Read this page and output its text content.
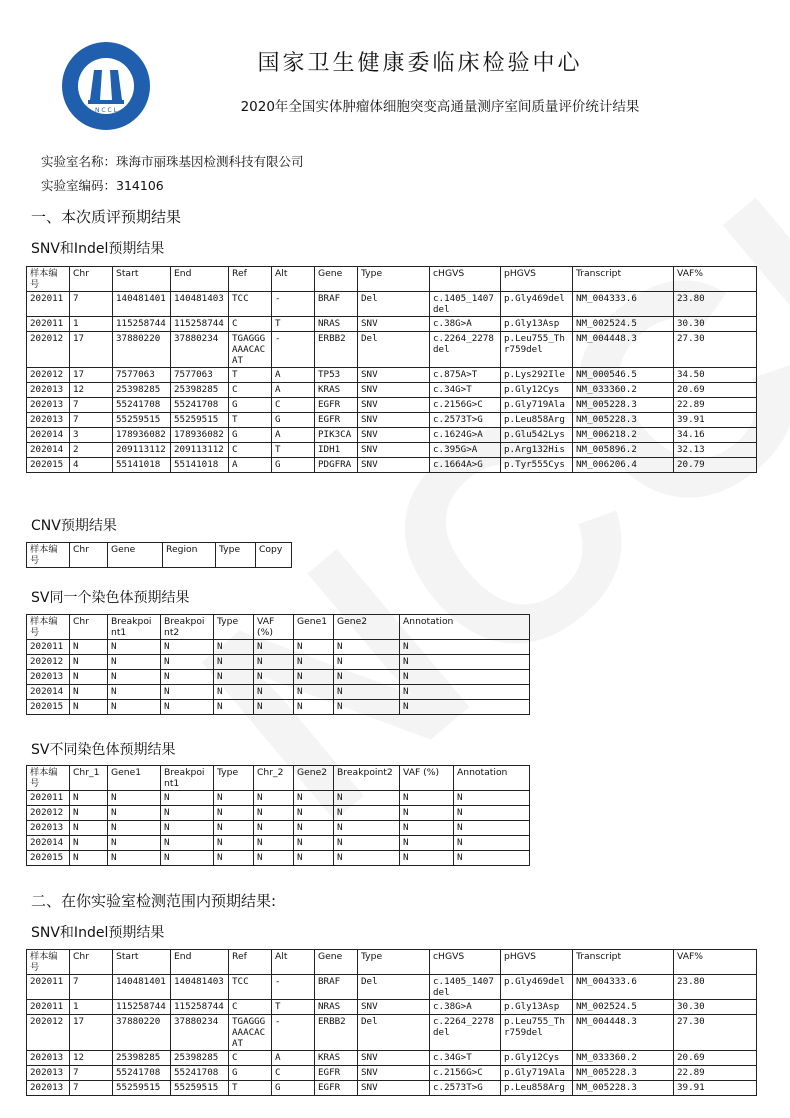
N C C L
国家卫生健康委临床检验中心
2020年全国实体肿瘤体细胞突变高通量测序室间质量评价统计结果
实验室名称：珠海市丽珠基因检测科技有限公司
实验室编码：314106
一、本次质评预期结果
SNV和Indel预期结果
样本编号	Chr	Start	End	Ref	Alt	Gene	Type	cHGVS	pHGVS	Transcript	VAF%
202011	7	140481401	140481403	TCC	-	BRAF	Del	c.1405_1407del	p.Gly469del	NM_004333.6	23.80
202011	1	115258744	115258744	C	T	NRAS	SNV	c.38G>A	p.Gly13Asp	NM_002524.5	30.30
202012	17	37880220	37880234	TGAGGGAAACACAT	-	ERBB2	Del	c.2264_2278del	p.Leu755_Thr759del	NM_004448.3	27.30
202012	17	7577063	7577063	T	A	TP53	SNV	c.875A>T	p.Lys292Ile	NM_000546.5	34.50
202013	12	25398285	25398285	C	A	KRAS	SNV	c.34G>T	p.Gly12Cys	NM_033360.2	20.69
202013	7	55241708	55241708	G	C	EGFR	SNV	c.2156G>C	p.Gly719Ala	NM_005228.3	22.89
202013	7	55259515	55259515	T	G	EGFR	SNV	c.2573T>G	p.Leu858Arg	NM_005228.3	39.91
202014	3	178936082	178936082	G	A	PIK3CA	SNV	c.1624G>A	p.Glu542Lys	NM_006218.2	34.16
202014	2	209113112	209113112	C	T	IDH1	SNV	c.395G>A	p.Arg132His	NM_005896.2	32.13
202015	4	55141018	55141018	A	G	PDGFRA	SNV	c.1664A>G	p.Tyr555Cys	NM_006206.4	20.79
CNV预期结果
样本编号	Chr	Gene	Region	Type	Copy
SV同一个染色体预期结果
样本编号	Chr	Breakpoint1	Breakpoint2	Type	VAF(%)	Gene1	Gene2	Annotation
202011	N	N	N	N	N	N	N	N
202012	N	N	N	N	N	N	N	N
202013	N	N	N	N	N	N	N	N
202014	N	N	N	N	N	N	N	N
202015	N	N	N	N	N	N	N	N
SV不同染色体预期结果
样本编号	Chr_1	Gene1	Breakpoint1	Type	Chr_2	Gene2	Breakpoint2	VAF (%)	Annotation
202011	N	N	N	N	N	N	N	N	N
202012	N	N	N	N	N	N	N	N	N
202013	N	N	N	N	N	N	N	N	N
202014	N	N	N	N	N	N	N	N	N
202015	N	N	N	N	N	N	N	N	N
二、在你实验室检测范围内预期结果:
SNV和Indel预期结果
样本编号	Chr	Start	End	Ref	Alt	Gene	Type	cHGVS	pHGVS	Transcript	VAF%
202011	7	140481401	140481403	TCC	-	BRAF	Del	c.1405_1407del	p.Gly469del	NM_004333.6	23.80
202011	1	115258744	115258744	C	T	NRAS	SNV	c.38G>A	p.Gly13Asp	NM_002524.5	30.30
202012	17	37880220	37880234	TGAGGGAAACACAT	-	ERBB2	Del	c.2264_2278del	p.Leu755_Thr759del	NM_004448.3	27.30
202013	12	25398285	25398285	C	A	KRAS	SNV	c.34G>T	p.Gly12Cys	NM_033360.2	20.69
202013	7	55241708	55241708	G	C	EGFR	SNV	c.2156G>C	p.Gly719Ala	NM_005228.3	22.89
202013	7	55259515	55259515	T	G	EGFR	SNV	c.2573T>G	p.Leu858Arg	NM_005228.3	39.91
